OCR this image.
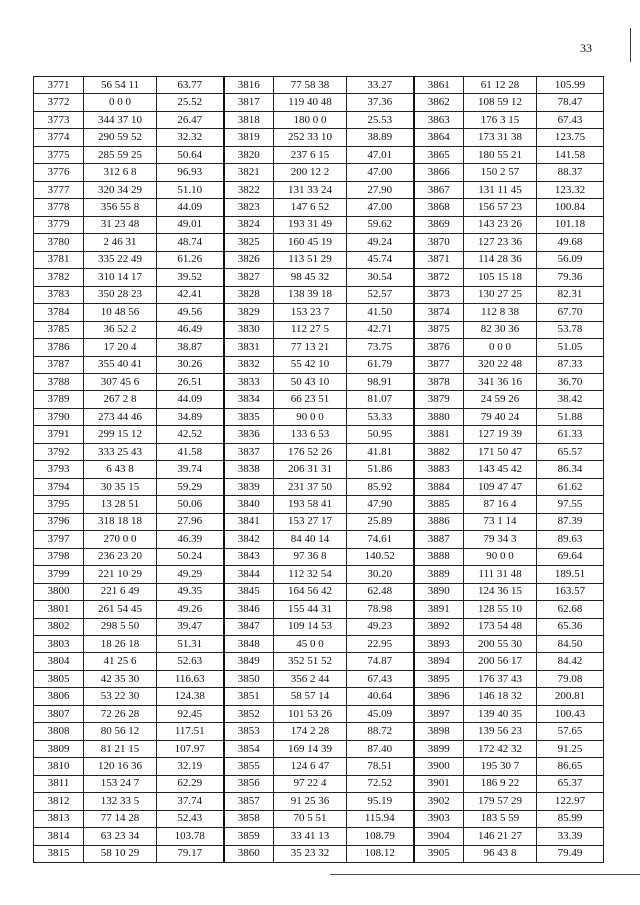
33
3771	56 54 11	63.77	3816	77 58 38	33.27	3861	61 12 28	105.99
3772	0 0 0	25.52	3817	119 40 48	37.36	3862	108 59 12	78.47
3773	344 37 10	26.47	3818	180 0 0	25.53	3863	176 3 15	67.43
3774	290 59 52	32.32	3819	252 33 10	38.89	3864	173 31 38	123.75
3775	285 59 25	50.64	3820	237 6 15	47.01	3865	180 55 21	141.58
3776	312 6 8	96.93	3821	200 12 2	47.00	3866	150 2 57	88.37
3777	320 34 29	51.10	3822	131 33 24	27.90	3867	131 11 45	123.32
3778	356 55 8	44.09	3823	147 6 52	47.00	3868	156 57 23	100.84
3779	31 23 48	49.01	3824	193 31 49	59.62	3869	143 23 26	101.18
3780	2 46 31	48.74	3825	160 45 19	49.24	3870	127 23 36	49.68
3781	335 22 49	61.26	3826	113 51 29	45.74	3871	114 28 36	56.09
3782	310 14 17	39.52	3827	98 45 32	30.54	3872	105 15 18	79.36
3783	350 28 23	42.41	3828	138 39 18	52.57	3873	130 27 25	82.31
3784	10 48 56	49.56	3829	153 23 7	41.50	3874	112 8 38	67.70
3785	36 52 2	46.49	3830	112 27 5	42.71	3875	82 30 36	53.78
3786	17 20 4	38.87	3831	77 13 21	73.75	3876	0 0 0	51.05
3787	355 40 41	30.26	3832	55 42 10	61.79	3877	320 22 48	87.33
3788	307 45 6	26.51	3833	50 43 10	98.91	3878	341 36 16	36.70
3789	267 2 8	44.09	3834	66 23 51	81.07	3879	24 59 26	38.42
3790	273 44 46	34.89	3835	90 0 0	53.33	3880	79 40 24	51.88
3791	299 15 12	42.52	3836	133 6 53	50.95	3881	127 19 39	61.33
3792	333 25 43	41.58	3837	176 52 26	41.81	3882	171 50 47	65.57
3793	6 43 8	39.74	3838	206 31 31	51.86	3883	143 45 42	86.34
3794	30 35 15	59.29	3839	231 37 50	85.92	3884	109 47 47	61.62
3795	13 28 51	50.06	3840	193 58 41	47.90	3885	87 16 4	97.55
3796	318 18 18	27.96	3841	153 27 17	25.89	3886	73 1 14	87.39
3797	270 0 0	46.39	3842	84 40 14	74.61	3887	79 34 3	89.63
3798	236 23 20	50.24	3843	97 36 8	140.52	3888	90 0 0	69.64
3799	221 10 29	49.29	3844	112 32 54	30.20	3889	111 31 48	189.51
3800	221 6 49	49.35	3845	164 56 42	62.48	3890	124 36 15	163.57
3801	261 54 45	49.26	3846	155 44 31	78.98	3891	128 55 10	62.68
3802	298 5 50	39.47	3847	109 14 53	49.23	3892	173 54 48	65.36
3803	18 26 18	51.31	3848	45 0 0	22.95	3893	200 55 30	84.50
3804	41 25 6	52.63	3849	352 51 52	74.87	3894	200 56 17	84.42
3805	42 35 30	116.63	3850	356 2 44	67.43	3895	176 37 43	79.08
3806	53 22 30	124.38	3851	58 57 14	40.64	3896	146 18 32	200.81
3807	72 26 28	92.45	3852	101 53 26	45.09	3897	139 40 35	100.43
3808	80 56 12	117.51	3853	174 2 28	88.72	3898	139 56 23	57.65
3809	81 21 15	107.97	3854	169 14 39	87.40	3899	172 42 32	91.25
3810	120 16 36	32.19	3855	124 6 47	78.51	3900	195 30 7	86.65
3811	153 24 7	62.29	3856	97 22 4	72.52	3901	186 9 22	65.37
3812	132 33 5	37.74	3857	91 25 36	95.19	3902	179 57 29	122.97
3813	77 14 28	52.43	3858	70 5 51	115.94	3903	183 5 59	85.99
3814	63 23 34	103.78	3859	33 41 13	108.79	3904	146 21 27	33.39
3815	58 10 29	79.17	3860	35 23 32	108.12	3905	96 43 8	79.49
